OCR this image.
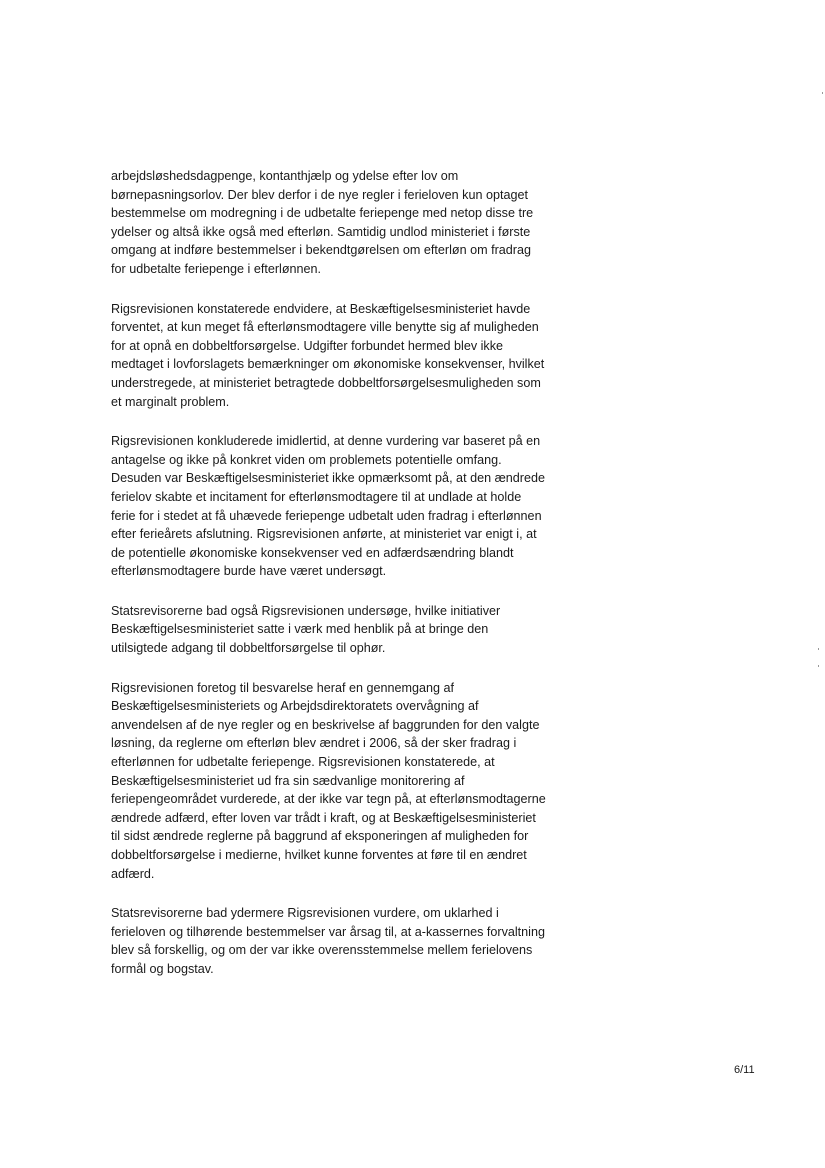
arbejdsløshedsdagpenge, kontanthjælp og ydelse efter lov om
børnepasningsorlov. Der blev derfor i de nye regler i ferieloven kun optaget
bestemmelse om modregning i de udbetalte feriepenge med netop disse tre
ydelser og altså ikke også med efterløn. Samtidig undlod ministeriet i første
omgang at indføre bestemmelser i bekendtgørelsen om efterløn om fradrag
for udbetalte feriepenge i efterlønnen.

Rigsrevisionen konstaterede endvidere, at Beskæftigelsesministeriet havde
forventet, at kun meget få efterlønsmodtagere ville benytte sig af muligheden
for at opnå en dobbeltforsørgelse. Udgifter forbundet hermed blev ikke
medtaget i lovforslagets bemærkninger om økonomiske konsekvenser, hvilket
understregede, at ministeriet betragtede dobbeltforsørgelsesmuligheden som
et marginalt problem.

Rigsrevisionen konkluderede imidlertid, at denne vurdering var baseret på en
antagelse og ikke på konkret viden om problemets potentielle omfang.
Desuden var Beskæftigelsesministeriet ikke opmærksomt på, at den ændrede
ferielov skabte et incitament for efterlønsmodtagere til at undlade at holde
ferie for i stedet at få uhævede feriepenge udbetalt uden fradrag i efterlønnen
efter ferieårets afslutning. Rigsrevisionen anførte, at ministeriet var enigt i, at
de potentielle økonomiske konsekvenser ved en adfærdsændring blandt
efterlønsmodtagere burde have været undersøgt.

Statsrevisorerne bad også Rigsrevisionen undersøge, hvilke initiativer
Beskæftigelsesministeriet satte i værk med henblik på at bringe den
utilsigtede adgang til dobbeltforsørgelse til ophør.

Rigsrevisionen foretog til besvarelse heraf en gennemgang af
Beskæftigelsesministeriets og Arbejdsdirektoratets overvågning af
anvendelsen af de nye regler og en beskrivelse af baggrunden for den valgte
løsning, da reglerne om efterløn blev ændret i 2006, så der sker fradrag i
efterlønnen for udbetalte feriepenge. Rigsrevisionen konstaterede, at
Beskæftigelsesministeriet ud fra sin sædvanlige monitorering af
feriepengeområdet vurderede, at der ikke var tegn på, at efterlønsmodtagerne
ændrede adfærd, efter loven var trådt i kraft, og at Beskæftigelsesministeriet
til sidst ændrede reglerne på baggrund af eksponeringen af muligheden for
dobbeltforsørgelse i medierne, hvilket kunne forventes at føre til en ændret
adfærd.

Statsrevisorerne bad ydermere Rigsrevisionen vurdere, om uklarhed i
ferieloven og tilhørende bestemmelser var årsag til, at a-kassernes forvaltning
blev så forskellig, og om der var ikke overensstemmelse mellem ferielovens
formål og bogstav.

6/11
